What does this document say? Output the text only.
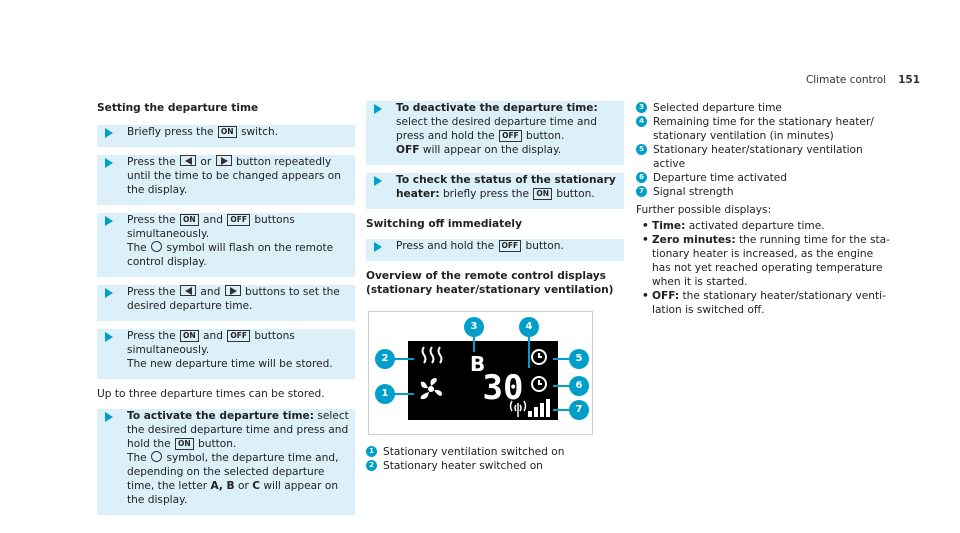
Climate control 151
Setting the departure time
Briefly press the ON switch.
Press the  or  button repeatedly until the time to be changed appears on the display.
Press the ON and OFF buttons simultaneously.
The  symbol will flash on the remote control display.
Press the  and  buttons to set the desired departure time.
Press the ON and OFF buttons simultaneously.
The new departure time will be stored.
Up to three departure times can be stored.
To activate the departure time: select the desired departure time and press and hold the ON button.
The  symbol, the departure time and, depending on the selected departure time, the letter A, B or C will appear on the display.
To deactivate the departure time: select the desired departure time and press and hold the OFF button.
OFF will appear on the display.
To check the status of the stationary heater: briefly press the ON button.
Switching off immediately
Press and hold the OFF button.
Overview of the remote control displays (stationary heater/stationary ventilation)
B
30
1
2
3	4
5
6
7
1 Stationary ventilation switched on
2 Stationary heater switched on
3 Selected departure time
4 Remaining time for the stationary heater/ stationary ventilation (in minutes)
5 Stationary heater/stationary ventilation active
6 Departure time activated
7 Signal strength
Further possible displays:
• Time: activated departure time.
• Zero minutes: the running time for the stationary heater is increased, as the engine has not yet reached operating temperature when it is started.
• OFF: the stationary heater/stationary ventilation is switched off.
